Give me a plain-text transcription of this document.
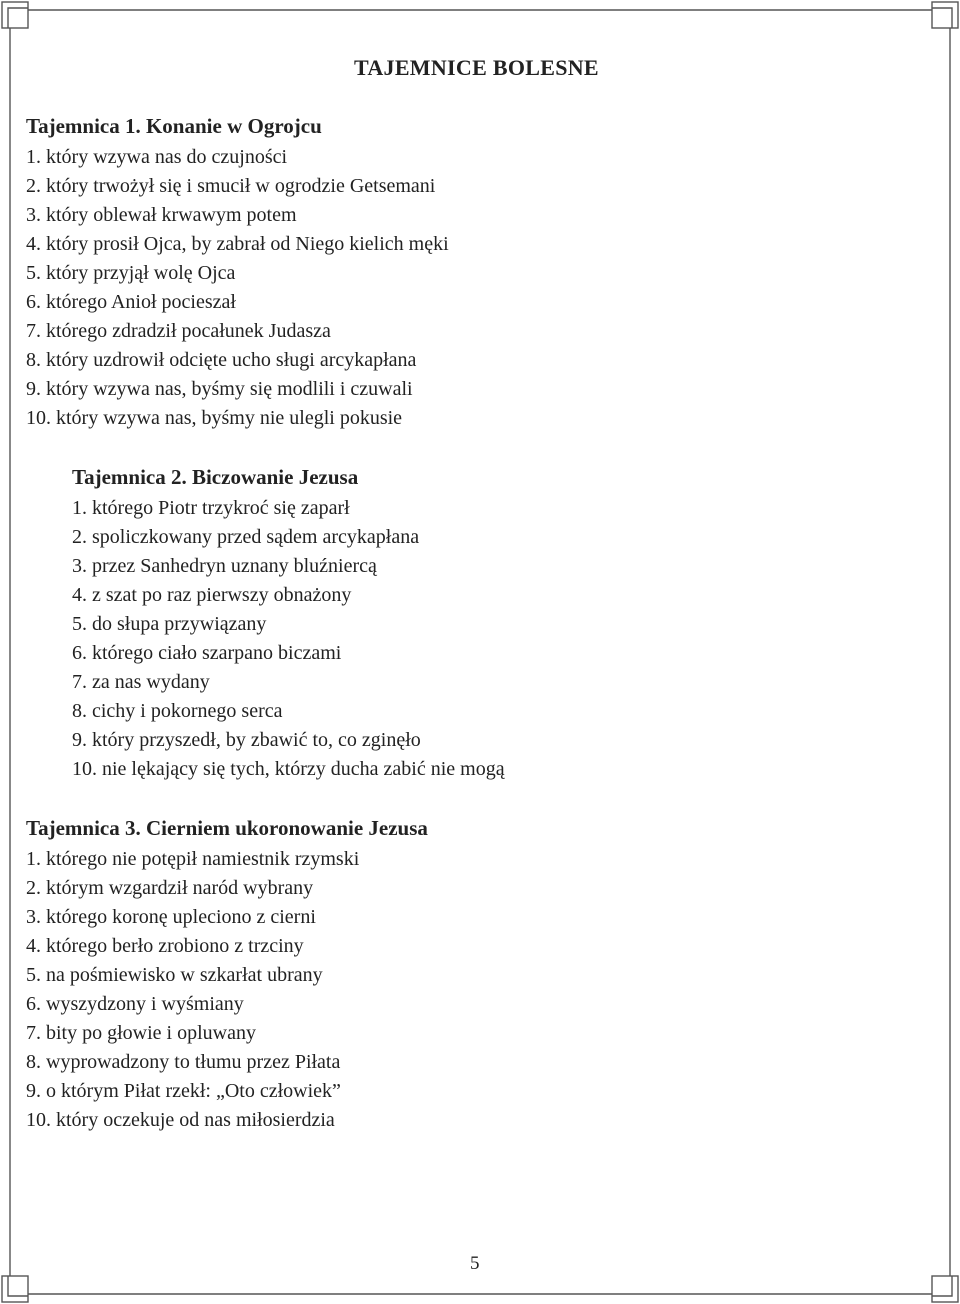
TAJEMNICE BOLESNE
Tajemnica 1. Konanie w Ogrojcu
1. który wzywa nas do czujności
2. który trwożył się i smucił w ogrodzie Getsemani
3. który oblewał krwawym potem
4. który prosił Ojca, by zabrał od Niego kielich męki
5. który przyjął wolę Ojca
6. którego Anioł pocieszał
7. którego zdradził pocałunek Judasza
8. który uzdrowił odcięte ucho sługi arcykapłana
9. który wzywa nas, byśmy się modlili i czuwali
10. który wzywa nas, byśmy nie ulegli pokusie
Tajemnica 2. Biczowanie Jezusa
1. którego Piotr trzykroć się zaparł
2. spoliczkowany przed sądem arcykapłana
3. przez Sanhedryn uznany bluźniercą
4. z szat po raz pierwszy obnażony
5. do słupa przywiązany
6. którego ciało szarpano biczami
7. za nas wydany
8. cichy i pokornego serca
9. który przyszedł, by zbawić to, co zginęło
10. nie lękający się tych, którzy ducha zabić nie mogą
Tajemnica 3. Cierniem ukoronowanie Jezusa
1. którego nie potępił namiestnik rzymski
2. którym wzgardził naród wybrany
3. którego koronę upleciono z cierni
4. którego berło zrobiono z trzciny
5. na pośmiewisko w szkarłat ubrany
6. wyszydzony i wyśmiany
7. bity po głowie i opluwany
8. wyprowadzony to tłumu przez Piłata
9. o którym Piłat rzekł: „Oto człowiek”
10. który oczekuje od nas miłosierdzia
5
